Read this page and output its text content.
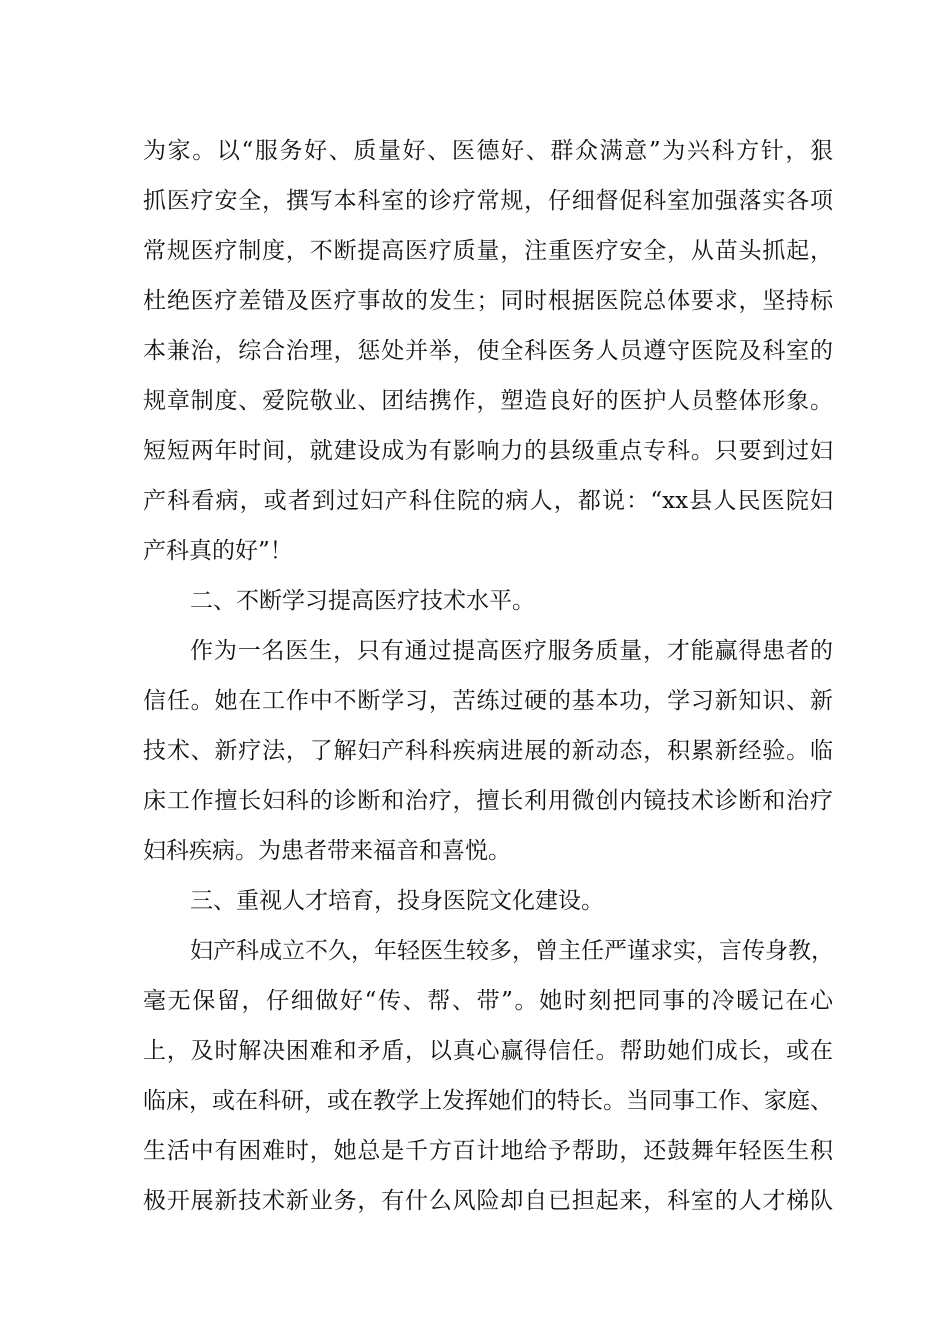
为家。以“服务好、质量好、医德好、群众满意”为兴科方针，狠
抓医疗安全，撰写本科室的诊疗常规，仔细督促科室加强落实各项
常规医疗制度，不断提高医疗质量，注重医疗安全，从苗头抓起，
杜绝医疗差错及医疗事故的发生；同时根据医院总体要求，坚持标
本兼治，综合治理，惩处并举，使全科医务人员遵守医院及科室的
规章制度、爱院敬业、团结携作，塑造良好的医护人员整体形象。
短短两年时间，就建设成为有影响力的县级重点专科。只要到过妇
产科看病，或者到过妇产科住院的病人，都说：“xx县人民医院妇
产科真的好”！
二、不断学习提高医疗技术水平。
作为一名医生，只有通过提高医疗服务质量，才能赢得患者的
信任。她在工作中不断学习，苦练过硬的基本功，学习新知识、新
技术、新疗法，了解妇产科科疾病进展的新动态，积累新经验。临
床工作擅长妇科的诊断和治疗，擅长利用微创内镜技术诊断和治疗
妇科疾病。为患者带来福音和喜悦。
三、重视人才培育，投身医院文化建设。
妇产科成立不久，年轻医生较多，曾主任严谨求实，言传身教，
毫无保留，仔细做好“传、帮、带”。她时刻把同事的冷暖记在心
上，及时解决困难和矛盾，以真心赢得信任。帮助她们成长，或在
临床，或在科研，或在教学上发挥她们的特长。当同事工作、家庭、
生活中有困难时，她总是千方百计地给予帮助，还鼓舞年轻医生积
极开展新技术新业务，有什么风险却自已担起来，科室的人才梯队
